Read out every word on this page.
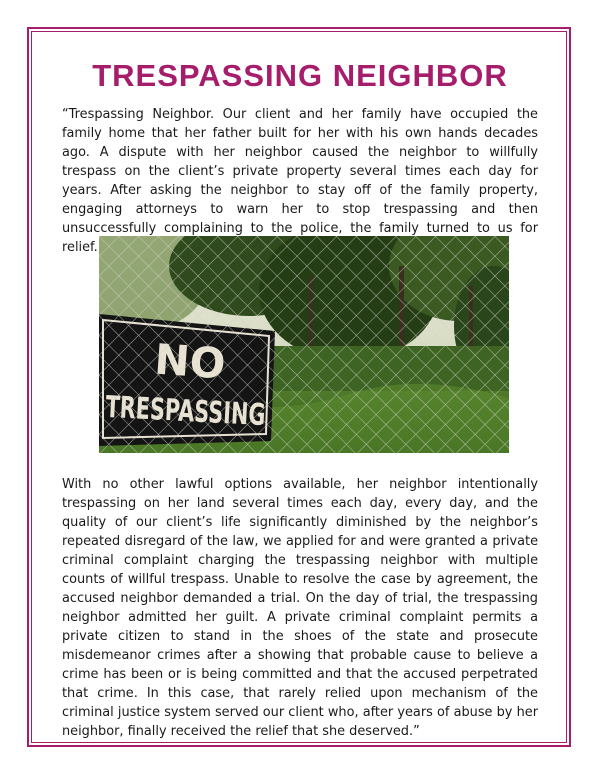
TRESPASSING NEIGHBOR

“Trespassing Neighbor. Our client and her family have occupied the family home that her father built for her with his own hands decades ago. A dispute with her neighbor caused the neighbor to willfully trespass on the client’s private property several times each day for years. After asking the neighbor to stay off of the family property, engaging attorneys to warn her to stop trespassing and then unsuccessfully complaining to the police, the family turned to us for relief.

With no other lawful options available, her neighbor intentionally trespassing on her land several times each day, every day, and the quality of our client’s life significantly diminished by the neighbor’s repeated disregard of the law, we applied for and were granted a private criminal complaint charging the trespassing neighbor with multiple counts of willful trespass. Unable to resolve the case by agreement, the accused neighbor demanded a trial. On the day of trial, the trespassing neighbor admitted her guilt. A private criminal complaint permits a private citizen to stand in the shoes of the state and prosecute misdemeanor crimes after a showing that probable cause to believe a crime has been or is being committed and that the accused perpetrated that crime. In this case, that rarely relied upon mechanism of the criminal justice system served our client who, after years of abuse by her neighbor, finally received the relief that she deserved.”
